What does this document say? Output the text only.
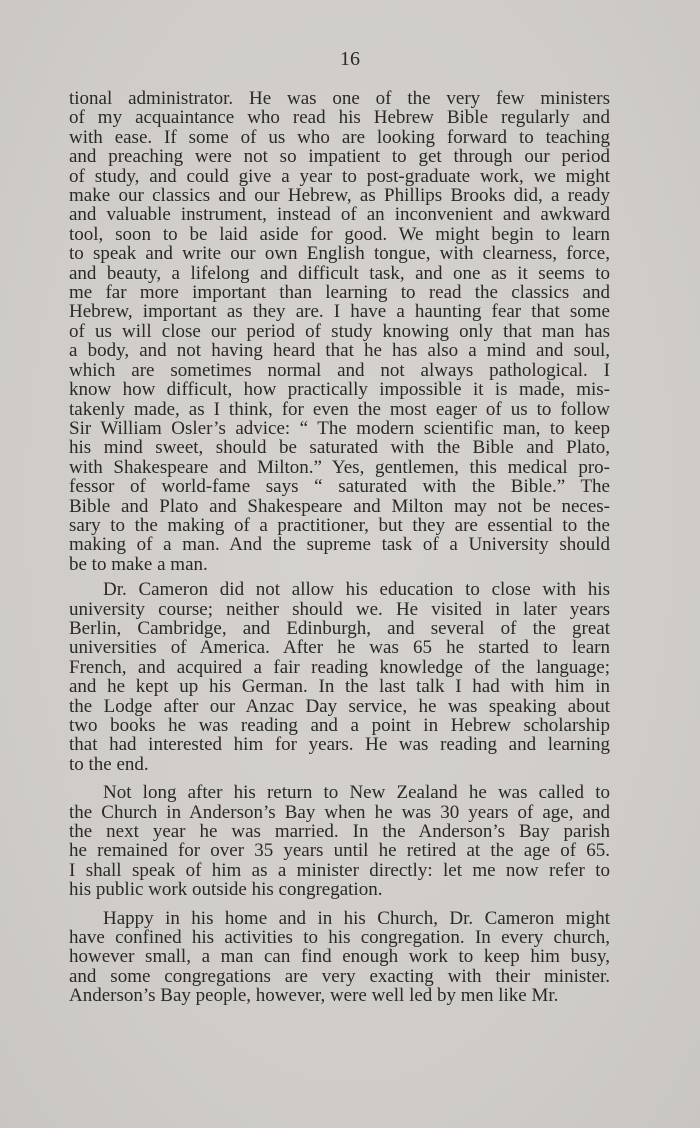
16

tional administrator. He was one of the very few ministers
of my acquaintance who read his Hebrew Bible regularly and
with ease. If some of us who are looking forward to teaching
and preaching were not so impatient to get through our period
of study, and could give a year to post-graduate work, we might
make our classics and our Hebrew, as Phillips Brooks did, a ready
and valuable instrument, instead of an inconvenient and awkward
tool, soon to be laid aside for good. We might begin to learn
to speak and write our own English tongue, with clearness, force,
and beauty, a lifelong and difficult task, and one as it seems to
me far more important than learning to read the classics and
Hebrew, important as they are. I have a haunting fear that some
of us will close our period of study knowing only that man has
a body, and not having heard that he has also a mind and soul,
which are sometimes normal and not always pathological. I
know how difficult, how practically impossible it is made, mis-
takenly made, as I think, for even the most eager of us to follow
Sir William Osler’s advice: “ The modern scientific man, to keep
his mind sweet, should be saturated with the Bible and Plato,
with Shakespeare and Milton.” Yes, gentlemen, this medical pro-
fessor of world-fame says “ saturated with the Bible.” The
Bible and Plato and Shakespeare and Milton may not be neces-
sary to the making of a practitioner, but they are essential to the
making of a man. And the supreme task of a University should
be to make a man.

Dr. Cameron did not allow his education to close with his
university course; neither should we. He visited in later years
Berlin, Cambridge, and Edinburgh, and several of the great
universities of America. After he was 65 he started to learn
French, and acquired a fair reading knowledge of the language;
and he kept up his German. In the last talk I had with him in
the Lodge after our Anzac Day service, he was speaking about
two books he was reading and a point in Hebrew scholarship
that had interested him for years. He was reading and learning
to the end.

Not long after his return to New Zealand he was called to
the Church in Anderson’s Bay when he was 30 years of age, and
the next year he was married. In the Anderson’s Bay parish
he remained for over 35 years until he retired at the age of 65.
I shall speak of him as a minister directly: let me now refer to
his public work outside his congregation.

Happy in his home and in his Church, Dr. Cameron might
have confined his activities to his congregation. In every church,
however small, a man can find enough work to keep him busy,
and some congregations are very exacting with their minister.
Anderson’s Bay people, however, were well led by men like Mr.
